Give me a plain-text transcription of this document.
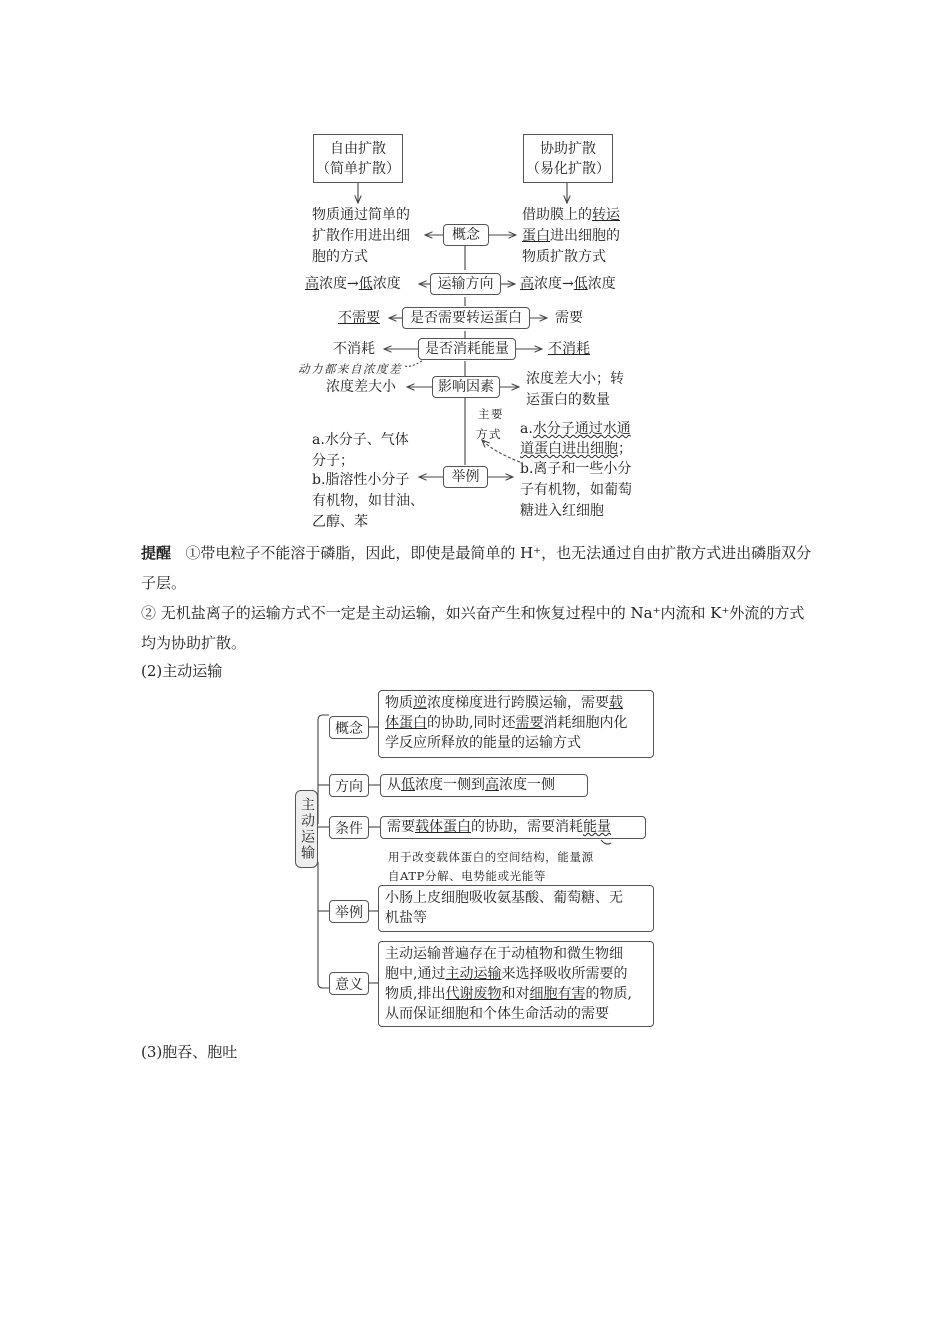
自由扩散
（简单扩散）
协助扩散
（易化扩散）
概念
运输方向
是否需要转运蛋白
是否消耗能量
影响因素
举例
物质通过简单的
扩散作用进出细
胞的方式
借助膜上的转运
蛋白进出细胞的
物质扩散方式
高浓度→低浓度	高浓度→低浓度
不需要	需要
不消耗	不消耗
动力都来自浓度差
浓度差大小	浓度差大小；转
运蛋白的数量
主要
方式
a.水分子、气体
分子；
b.脂溶性小分子
有机物，如甘油、
乙醇、苯
a.水分子通过水通
道蛋白进出细胞；
b.离子和一些小分
子有机物，如葡萄
糖进入红细胞
提醒 ①带电粒子不能溶于磷脂，因此，即使是最简单的 H⁺，也无法通过自由扩散方式进出磷脂双分子层。
② 无机盐离子的运输方式不一定是主动运输，如兴奋产生和恢复过程中的 Na⁺内流和 K⁺外流的方式均为协助扩散。
(2)主动运输
主动运输
概念
方向
条件
举例
意义
物质逆浓度梯度进行跨膜运输，需要载
体蛋白的协助,同时还需要消耗细胞内化
学反应所释放的能量的运输方式
从低浓度一侧到高浓度一侧
需要载体蛋白的协助，需要消耗能量
用于改变载体蛋白的空间结构，能量源
自ATP分解、电势能或光能等
小肠上皮细胞吸收氨基酸、葡萄糖、无
机盐等
主动运输普遍存在于动植物和微生物细
胞中,通过主动运输来选择吸收所需要的
物质,排出代谢废物和对细胞有害的物质,
从而保证细胞和个体生命活动的需要
(3)胞吞、胞吐
